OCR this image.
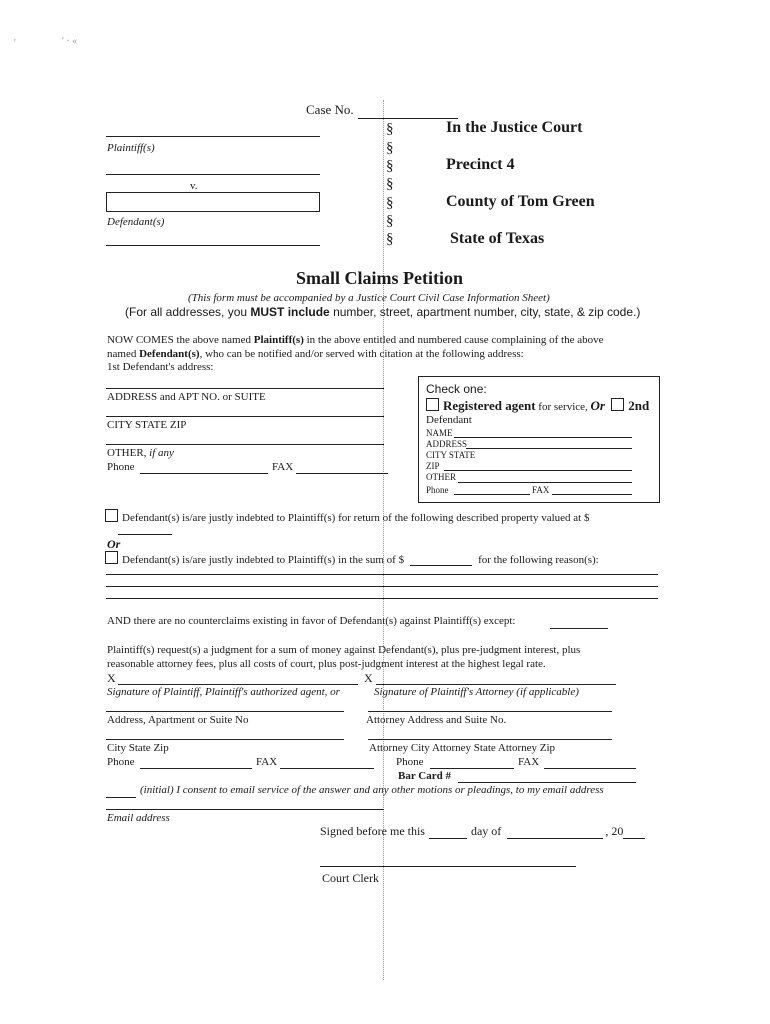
'	' · «
Case No.
Plaintiff(s)
v.
Defendant(s)
§
§
§
§
§
§
§
In the Justice Court
Precinct 4
County of Tom Green
State of Texas
Small Claims Petition
(This form must be accompanied by a Justice Court Civil Case Information Sheet)
(For all addresses, you MUST include number, street, apartment number, city, state, & zip code.)
NOW COMES the above named Plaintiff(s) in the above entitled and numbered cause complaining of the above
named Defendant(s), who can be notified and/or served with citation at the following address:
1st Defendant's address:
ADDRESS and APT NO. or SUITE
CITY STATE ZIP
OTHER, if any
Phone	FAX
Check one:
Registered agent for service, Or 2nd
Defendant
NAME
ADDRESS
CITY STATE
ZIP
OTHER
Phone	FAX
Defendant(s) is/are justly indebted to Plaintiff(s) for return of the following described property valued at $
Or
Defendant(s) is/are justly indebted to Plaintiff(s) in the sum of $	for the following reason(s):
AND there are no counterclaims existing in favor of Defendant(s) against Plaintiff(s) except:
Plaintiff(s) request(s) a judgment for a sum of money against Defendant(s), plus pre-judgment interest, plus
reasonable attorney fees, plus all costs of court, plus post-judgment interest at the highest legal rate.
X	X
Signature of Plaintiff, Plaintiff's authorized agent, or	Signature of Plaintiff's Attorney (if applicable)
Address, Apartment or Suite No	Attorney Address and Suite No.
City State Zip	Attorney City Attorney State Attorney Zip
Phone	FAX	Phone	FAX
Bar Card #
(initial) I consent to email service of the answer and any other motions or pleadings, to my email address
Email address
Signed before me this	day of	, 20
Court Clerk
